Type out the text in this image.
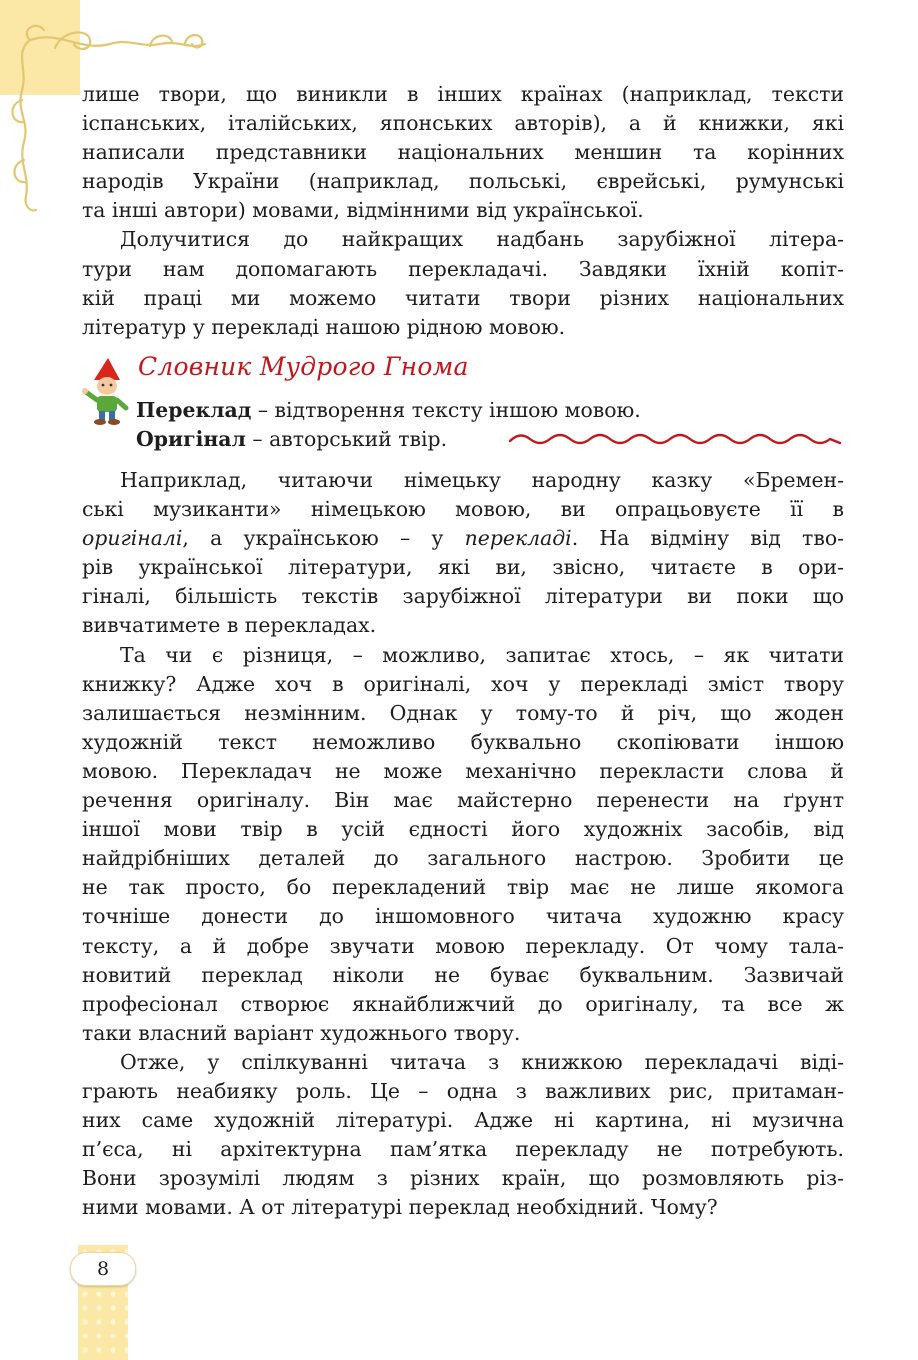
лише твори, що виникли в інших країнах (наприклад, тексти

іспанських, італійських, японських авторів), а й книжки, які

написали представники національних меншин та корінних

народів України (наприклад, польські, єврейські, румунські

та інші автори) мовами, відмінними від української.

Долучитися до найкращих надбань зарубіжної літера-

тури нам допомагають перекладачі. Завдяки їхній копіт-

кій праці ми можемо читати твори різних національних

літератур у перекладі нашою рідною мовою.

Словник Мудрого Гнома
Переклад – відтворення тексту іншою мовою.
Оригінал – авторський твір.

Наприклад, читаючи німецьку народну казку «Бремен-

ські музиканти» німецькою мовою, ви опрацьовуєте її в

оригіналі, а українською – у перекладі. На відміну від тво-

рів української літератури, які ви, звісно, читаєте в ори-

гіналі, більшість текстів зарубіжної літератури ви поки що

вивчатимете в перекладах.

Та чи є різниця, – можливо, запитає хтось, – як читати

книжку? Адже хоч в оригіналі, хоч у перекладі зміст твору

залишається незмінним. Однак у тому-то й річ, що жоден

художній текст неможливо буквально скопіювати іншою

мовою. Перекладач не може механічно перекласти слова й

речення оригіналу. Він має майстерно перенести на ґрунт

іншої мови твір в усій єдності його художніх засобів, від

найдрібніших деталей до загального настрою. Зробити це

не так просто, бо перекладений твір має не лише якомога

точніше донести до іншомовного читача художню красу

тексту, а й добре звучати мовою перекладу. От чому тала-

новитий переклад ніколи не буває буквальним. Зазвичай

професіонал створює якнайближчий до оригіналу, та все ж

таки власний варіант художнього твору.

Отже, у спілкуванні читача з книжкою перекладачі віді-

грають неабияку роль. Це – одна з важливих рис, притаман-

них саме художній літературі. Адже ні картина, ні музична

п’єса, ні архітектурна пам’ятка перекладу не потребують.

Вони зрозумілі людям з різних країн, що розмовляють різ-

ними мовами. А от літературі переклад необхідний. Чому?

8
